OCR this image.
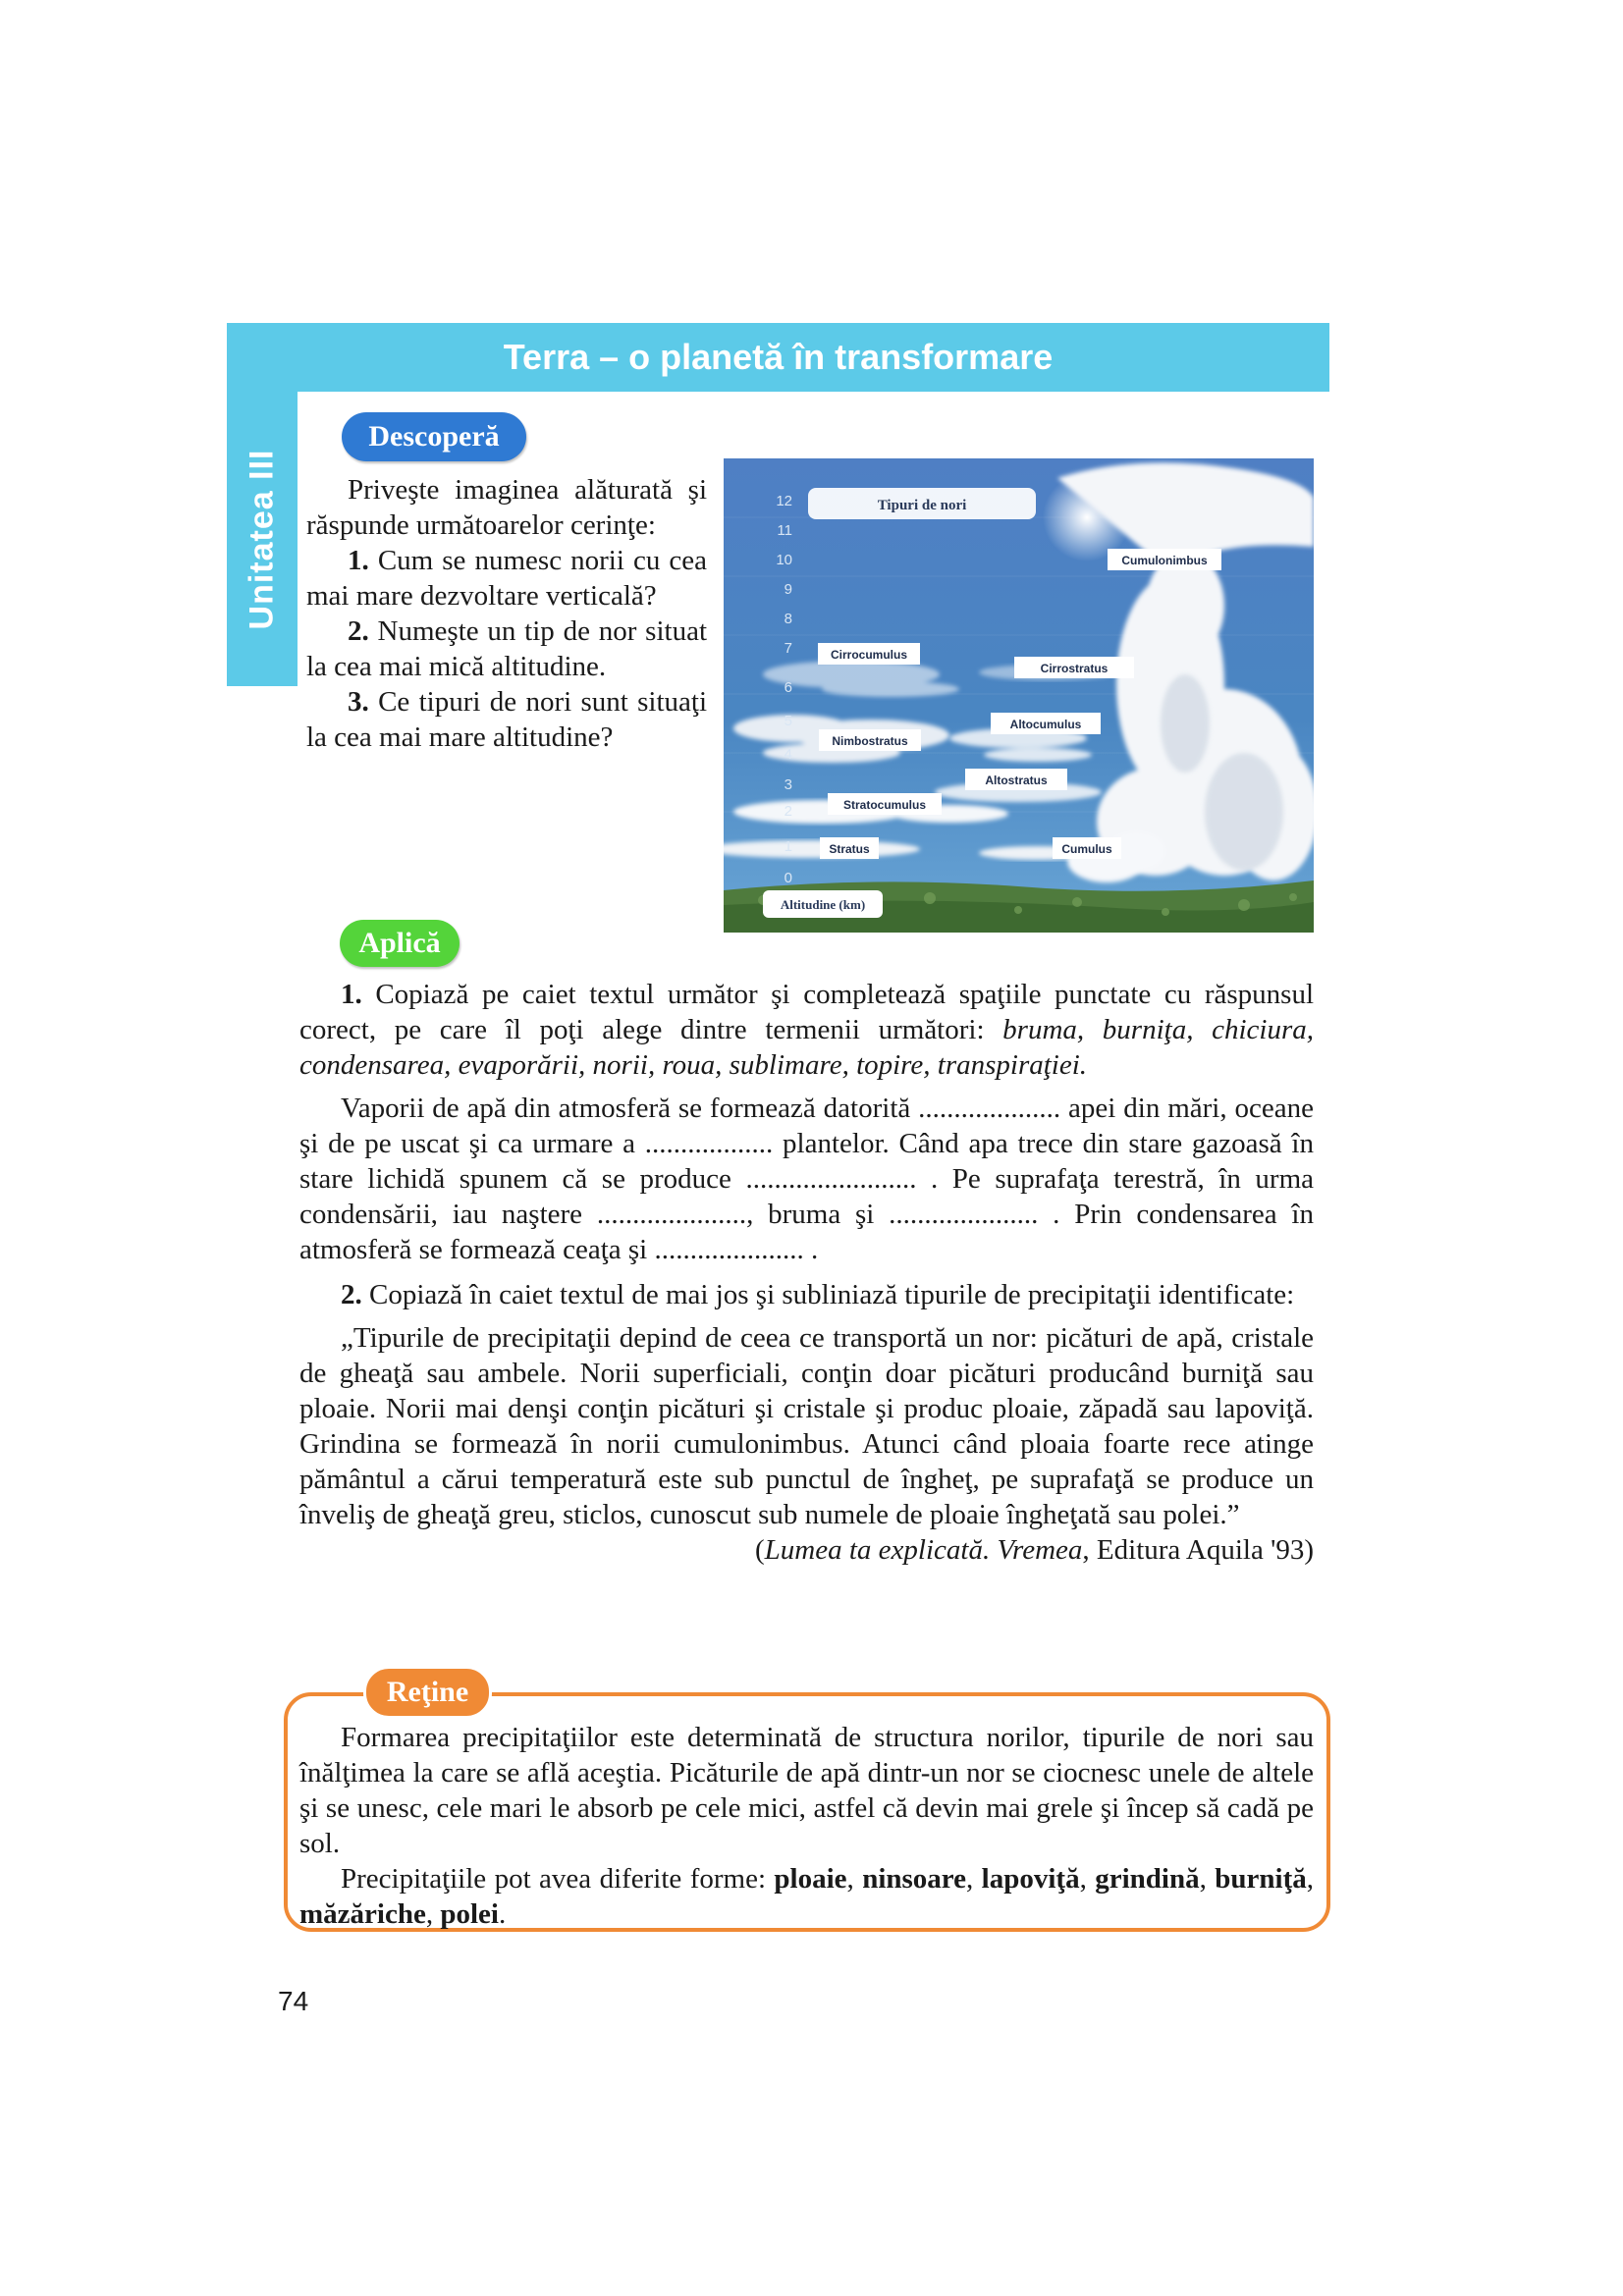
Terra – o planetă în transformare
Unitatea III
Descoperă

Priveşte imaginea alăturată şi răspunde următoarelor cerinţe:

1. Cum se numesc norii cu cea mai mare dezvoltare verticală?

2. Numeşte un tip de nor situat la cea mai mică altitudine.

3. Ce tipuri de nori sunt situaţi la cea mai mare altitudine?

12
11
10
9
8
7
6
5
4
3
2
1
0
Tipuri de nori
Cumulonimbus
Cirrocumulus
Cirrostratus
Nimbostratus
Altocumulus
Altostratus
Stratocumulus
Stratus	Cumulus
Altitudine (km)
Aplică

1. Copiază pe caiet textul următor şi completează spaţiile punctate cu răspunsul corect, pe care îl poţi alege dintre termenii următori: bruma, burniţa, chiciura, condensarea, evaporării, norii, roua, sublimare, topire, transpiraţiei.

Vaporii de apă din atmosferă se formează datorită .................... apei din mări, oceane şi de pe uscat şi ca urmare a .................. plantelor. Când apa trece din stare gazoasă în stare lichidă spunem că se produce ........................ . Pe suprafaţa terestră, în urma condensării, iau naştere ....................., bruma şi ..................... . Prin condensarea în atmosferă se formează ceaţa şi ..................... .

2. Copiază în caiet textul de mai jos şi subliniază tipurile de precipitaţii identificate:

„Tipurile de precipitaţii depind de ceea ce transportă un nor: picături de apă, cristale de gheaţă sau ambele. Norii superficiali, conţin doar picături producând burniţă sau ploaie. Norii mai denşi conţin picături şi cristale şi produc ploaie, zăpadă sau lapoviţă. Grindina se formează în norii cumulonimbus. Atunci când ploaia foarte rece atinge pământul a cărui temperatură este sub punctul de îngheţ, pe suprafaţă se produce un înveliş de gheaţă greu, sticlos, cunoscut sub numele de ploaie îngheţată sau polei.”

(Lumea ta explicată. Vremea, Editura Aquila '93)

Reţine

Formarea precipitaţiilor este determinată de structura norilor, tipurile de nori sau înălţimea la care se află aceştia. Picăturile de apă dintr-un nor se ciocnesc unele de altele şi se unesc, cele mari le absorb pe cele mici, astfel că devin mai grele şi încep să cadă pe sol.

Precipitaţiile pot avea diferite forme: ploaie, ninsoare, lapoviţă, grindină, burniţă, măzăriche, polei.

74
